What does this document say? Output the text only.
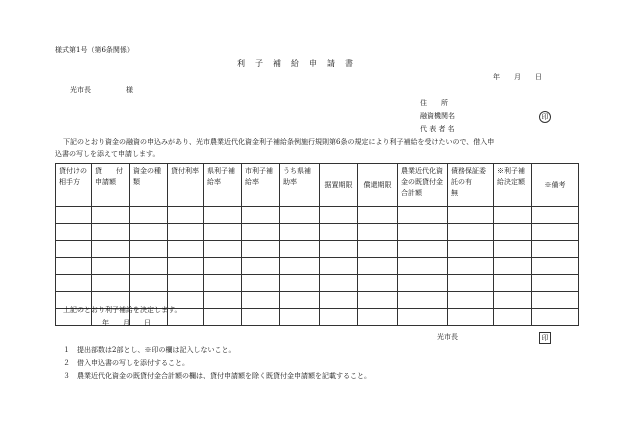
様式第1号（第6条関係）
利　子　補　給　申　請　書
年　　月　　日
光市長　　　　　様
住　　所
融資機関名	印
代 表 者 名
下記のとおり資金の融資の申込みがあり、光市農業近代化資金利子補給条例施行規則第6条の規定により利子補給を受けたいので、借入申
込書の写しを添えて申請します。
貸付けの相手方	貸　　付申請額	資金の種　類	貸付利率	県利子補給率	市利子補給率	うち県補助率	据置期限	償還期限	農業近代化資金の既貸付金合計額	債務保証委託の有　　無	※利子補給決定額	※備考

上記のとおり利子補給を決定します。
年　　月　　日
光市長	印
１　提出部数は2部とし、※印の欄は記入しないこと。
２　借入申込書の写しを添付すること。
３　農業近代化資金の既貸付金合計額の欄は、貸付申請額を除く既貸付金申請額を記載すること。
